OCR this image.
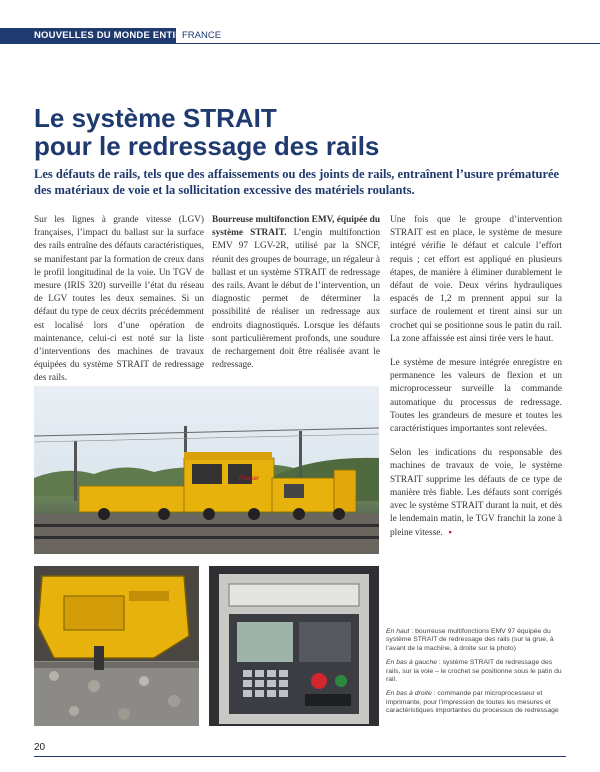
NOUVELLES DU MONDE ENTIER
FRANCE
Le système STRAIT
pour le redressage des rails

Les défauts de rails, tels que des affaissements ou des joints de rails, entraînent l’usure prématurée des matériaux de voie et la sollicitation excessive des matériels roulants.

Sur les lignes à grande vitesse (LGV) françaises, l’impact du ballast sur la surface des rails entraîne des défauts caractéristiques, se manifestant par la formation de creux dans le profil longitudinal de la voie. Un TGV de mesure (IRIS 320) surveille l’état du réseau de LGV toutes les deux semaines. Si un défaut du type de ceux décrits précédemment est localisé lors d’une opération de maintenance, celui-ci est noté sur la liste d’interventions des machines de travaux équipées du système STRAIT de redressage des rails.

Bourreuse multifonction EMV, équipée du système STRAIT. L’engin multifonction EMV 97 LGV-2R, utilisé par la SNCF, réunit des groupes de bourrage, un régaleur à ballast et un système STRAIT de redressage des rails. Avant le début de l’intervention, un diagnostic permet de déterminer la possibilité de réaliser un redressage aux endroits diagnostiqués. Lorsque les défauts sont particulièrement profonds, une soudure de rechargement doit être réalisée avant le redressage.

Une fois que le groupe d’intervention STRAIT est en place, le système de mesure intégré vérifie le défaut et calcule l’effort requis ; cet effort est appliqué en plusieurs étapes, de manière à éliminer durablement le défaut de voie. Deux vérins hydrauliques espacés de 1,2 m prennent appui sur la surface de roulement et tirent ainsi sur un crochet qui se positionne sous le patin du rail. La zone affaissée est ainsi tirée vers le haut.

Le système de mesure intégrée enregistre en permanence les valeurs de flexion et un microprocesseur surveille la commande automatique du processus de redressage. Toutes les grandeurs de mesure et toutes les caractéristiques importantes sont relevées.

Selon les indications du responsable des machines de travaux de voie, le système STRAIT supprime les défauts de ce type de manière très fiable. Les défauts sont corrigés avec le système STRAIT durant la nuit, et dès le lendemain matin, le TGV franchit la zone à pleine vitesse. ▪

Plasser

En haut : bourreuse multifonctions EMV 97 équipée du système STRAIT de redressage des rails (sur la grue, à l’avant de la machine, à droite sur la photo)

En bas à gauche : système STRAIT de redressage des rails, sur la voie – le crochet se positionne sous le patin du rail.

En bas à droite : commande par microprocesseur et imprimante, pour l’impression de toutes les mesures et caractéristiques importantes du processus de redressage

20
